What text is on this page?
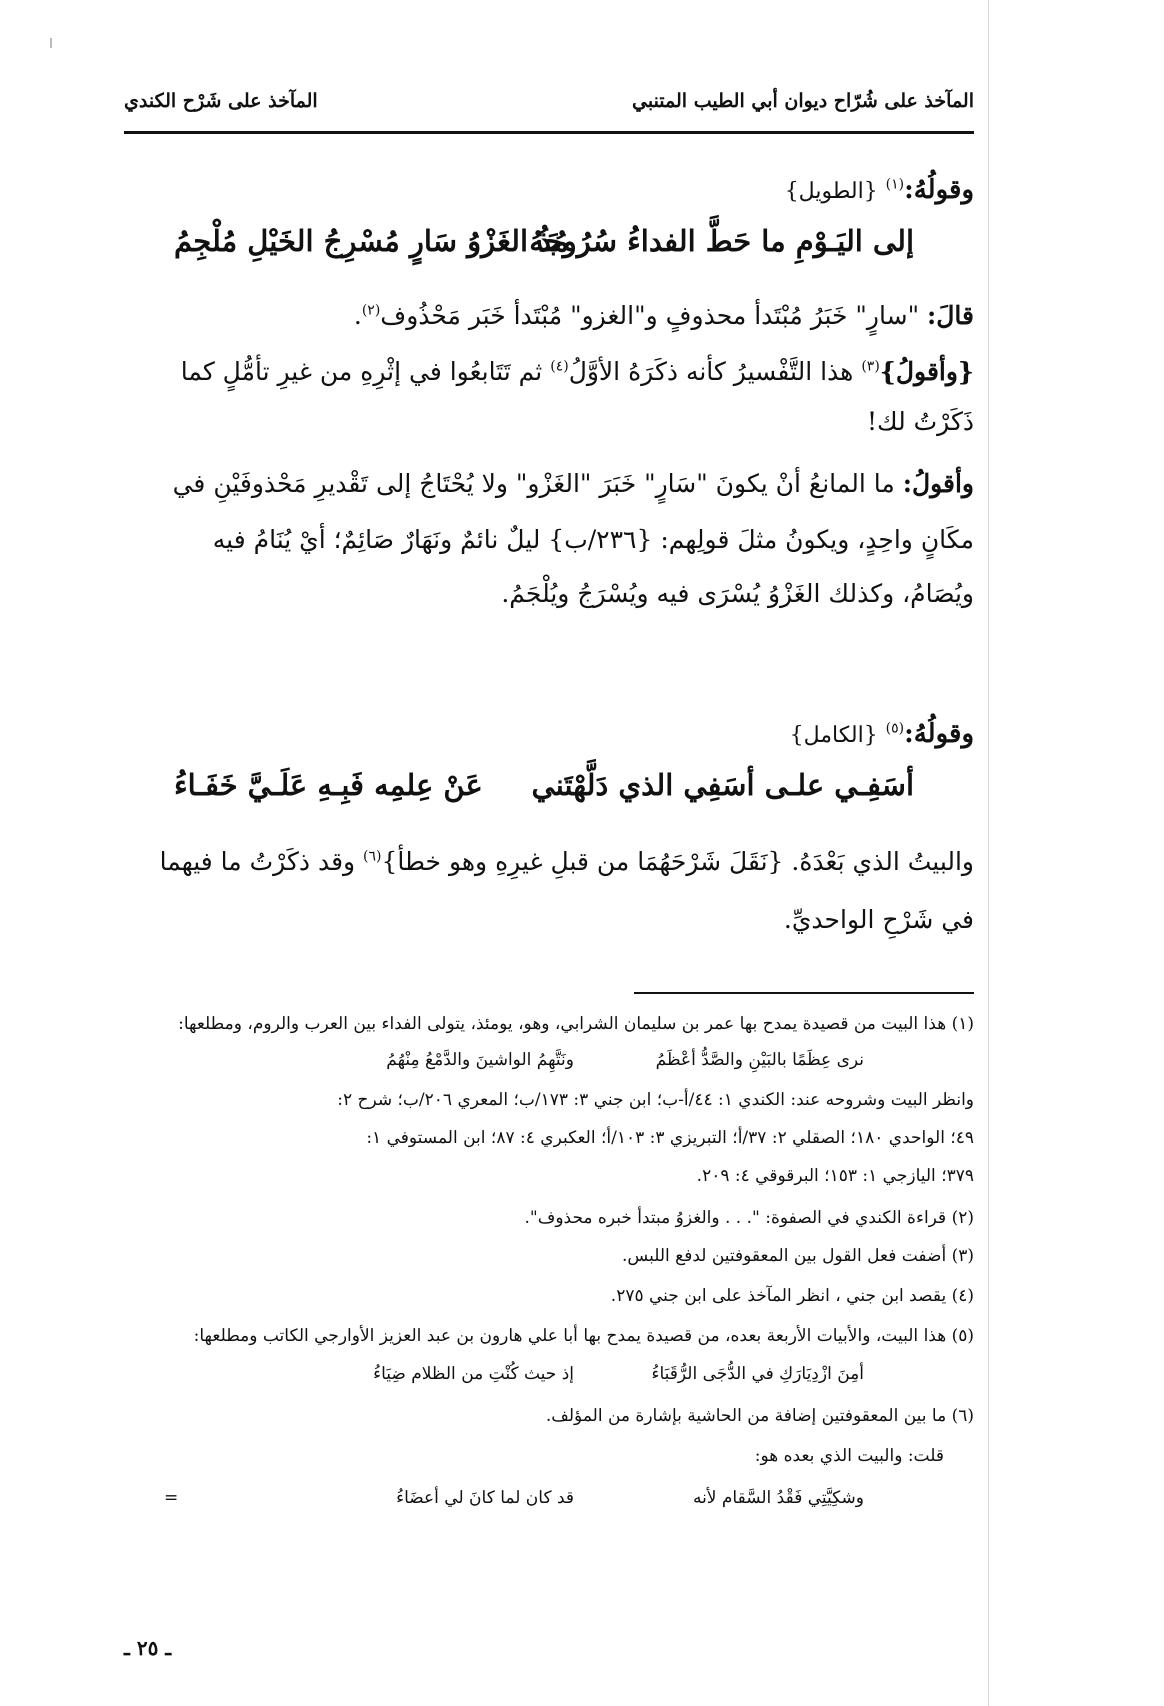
المآخذ على شُرّاح ديوان أبي الطيب المتنبي
المآخذ على شَرْح الكندي
وقولُهُ:$^{(١)}$ {الطويل}
إلى اليَـوْمِ ما حَطَّ الفداءُ سُرُوجَهُ
مُذُ الغَزْوُ سَارٍ مُسْرِجُ الخَيْلِ مُلْجِمُ
قالَ: "سارٍ" خَبَرُ مُبْتَدأ محذوفٍ و"الغزو" مُبْتَدأ خَبَر مَحْذُوف$^{(٢)}$.
{وأقولُ}$^{(٣)}$ هذا التَّفْسيرُ كأنه ذكَرَهُ الأوَّلُ$^{(٤)}$ ثم تَتَابعُوا في إثْرِهِ من غيرِ تأمُّلٍ كما
ذَكَرْتُ لك!
وأقولُ: ما المانعُ أنْ يكونَ "سَارٍ" خَبَرَ "الغَزْو" ولا يُحْتَاجُ إلى تَقْديرِ مَحْذوفَيْنِ في
مكَانٍ واحِدٍ، ويكونُ مثلَ قولِهم: {٢٣٦/ب} ليلٌ نائمٌ ونَهَارٌ صَائِمٌ؛ أيْ يُنَامُ فيه
ويُصَامُ، وكذلك الغَزْوُ يُسْرَى فيه ويُسْرَجُ ويُلْجَمُ.
وقولُهُ:$^{(٥)}$ {الكامل}
أسَفِـي علـى أسَفِي الذي دَلَّهْتَني
عَنْ عِلمِه فَبِـهِ عَلَـيَّ خَفَـاءُ
والبيتُ الذي بَعْدَهُ. {نَقَلَ شَرْحَهُمَا من قبلِ غيرِهِ وهو خطأ}$^{(٦)}$ وقد ذكَرْتُ ما فيهما
في شَرْحِ الواحديِّ.
(١) هذا البيت من قصيدة يمدح بها عمر بن سليمان الشرابي، وهو، يومئذ، يتولى الفداء بين العرب والروم، ومطلعها:
نرى عِظَمًا بالبَيْنِ والصَّدُّ أعْظَمُ
ونَتَّهِمُ الواشينَ والدَّمْعُ مِنْهُمُ
وانظر البيت وشروحه عند: الكندي ١: ٤٤/أ-ب؛ ابن جني ٣: ١٧٣/ب؛ المعري ٢٠٦/ب؛ شرح ٢:
٤٩؛ الواحدي ١٨٠؛ الصقلي ٢: ٣٧/أ؛ التبريزي ٣: ١٠٣/أ؛ العكبري ٤: ٨٧؛ ابن المستوفي ١:
٣٧٩؛ اليازجي ١: ١٥٣؛ البرقوقي ٤: ٢٠٩.
(٢) قراءة الكندي في الصفوة: ". . . والغزوُ مبتدأ خبره محذوف".
(٣) أضفت فعل القول بين المعقوفتين لدفع اللبس.
(٤) يقصد ابن جني ، انظر المآخذ على ابن جني ٢٧٥.
(٥) هذا البيت، والأبيات الأربعة بعده، من قصيدة يمدح بها أبا علي هارون بن عبد العزيز الأوارجي الكاتب ومطلعها:
أمِنَ ازْدِيَارَكِ في الدُّجَى الرُّقَبَاءُ
إذ حيث كُنْتِ من الظلام ضِيَاءُ
(٦) ما بين المعقوفتين إضافة من الحاشية بإشارة من المؤلف.
قلت: والبيت الذي بعده هو:
وشكِيَّتِي فَقْدُ السَّقام لأنه
قد كان لما كانَ لي أعضَاءُ
=
ـ ٢٥ ـ
